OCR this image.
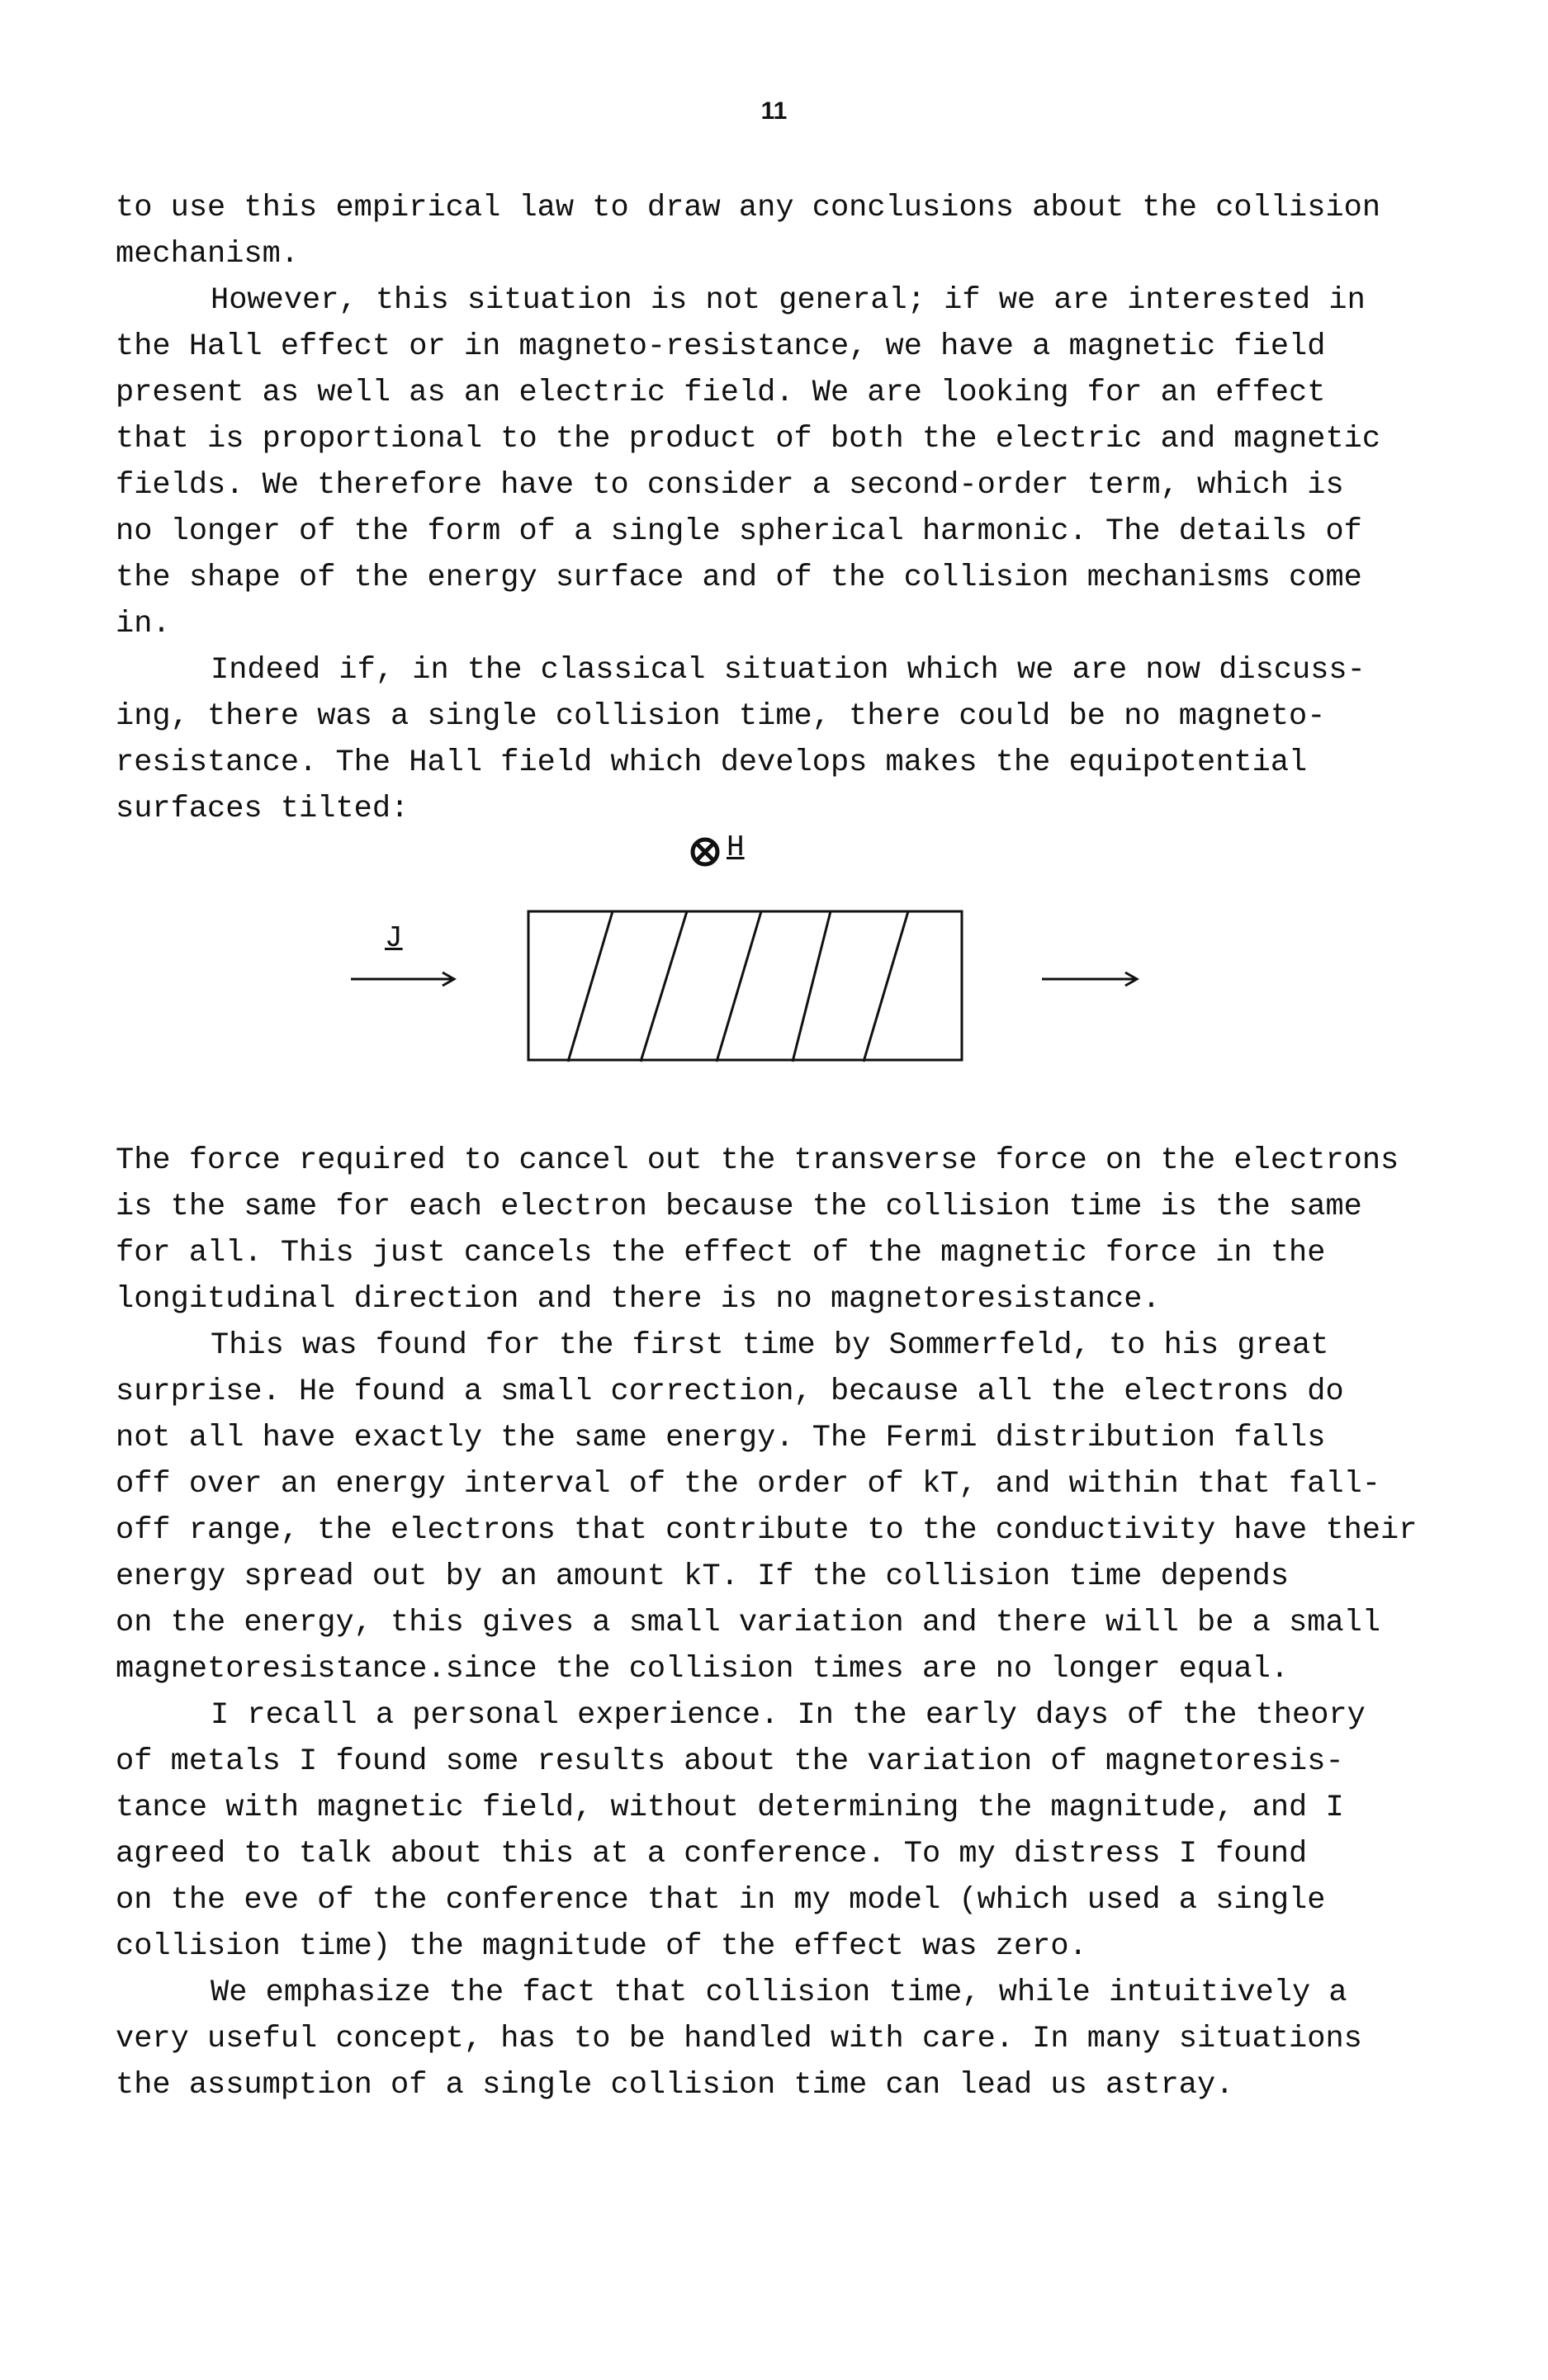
11
to use this empirical law to draw any conclusions about the collision
mechanism.
However, this situation is not general; if we are interested in
the Hall effect or in magneto-resistance, we have a magnetic field
present as well as an electric field. We are looking for an effect
that is proportional to the product of both the electric and magnetic
fields. We therefore have to consider a second-order term, which is
no longer of the form of a single spherical harmonic. The details of
the shape of the energy surface and of the collision mechanisms come
in.
Indeed if, in the classical situation which we are now discuss-
ing, there was a single collision time, there could be no magneto-
resistance. The Hall field which develops makes the equipotential
surfaces tilted:
H
J
The force required to cancel out the transverse force on the electrons
is the same for each electron because the collision time is the same
for all. This just cancels the effect of the magnetic force in the
longitudinal direction and there is no magnetoresistance.
This was found for the first time by Sommerfeld, to his great
surprise. He found a small correction, because all the electrons do
not all have exactly the same energy. The Fermi distribution falls
off over an energy interval of the order of kT, and within that fall-
off range, the electrons that contribute to the conductivity have their
energy spread out by an amount kT. If the collision time depends
on the energy, this gives a small variation and there will be a small
magnetoresistance.since the collision times are no longer equal.
I recall a personal experience. In the early days of the theory
of metals I found some results about the variation of magnetoresis-
tance with magnetic field, without determining the magnitude, and I
agreed to talk about this at a conference. To my distress I found
on the eve of the conference that in my model (which used a single
collision time) the magnitude of the effect was zero.
We emphasize the fact that collision time, while intuitively a
very useful concept, has to be handled with care. In many situations
the assumption of a single collision time can lead us astray.
